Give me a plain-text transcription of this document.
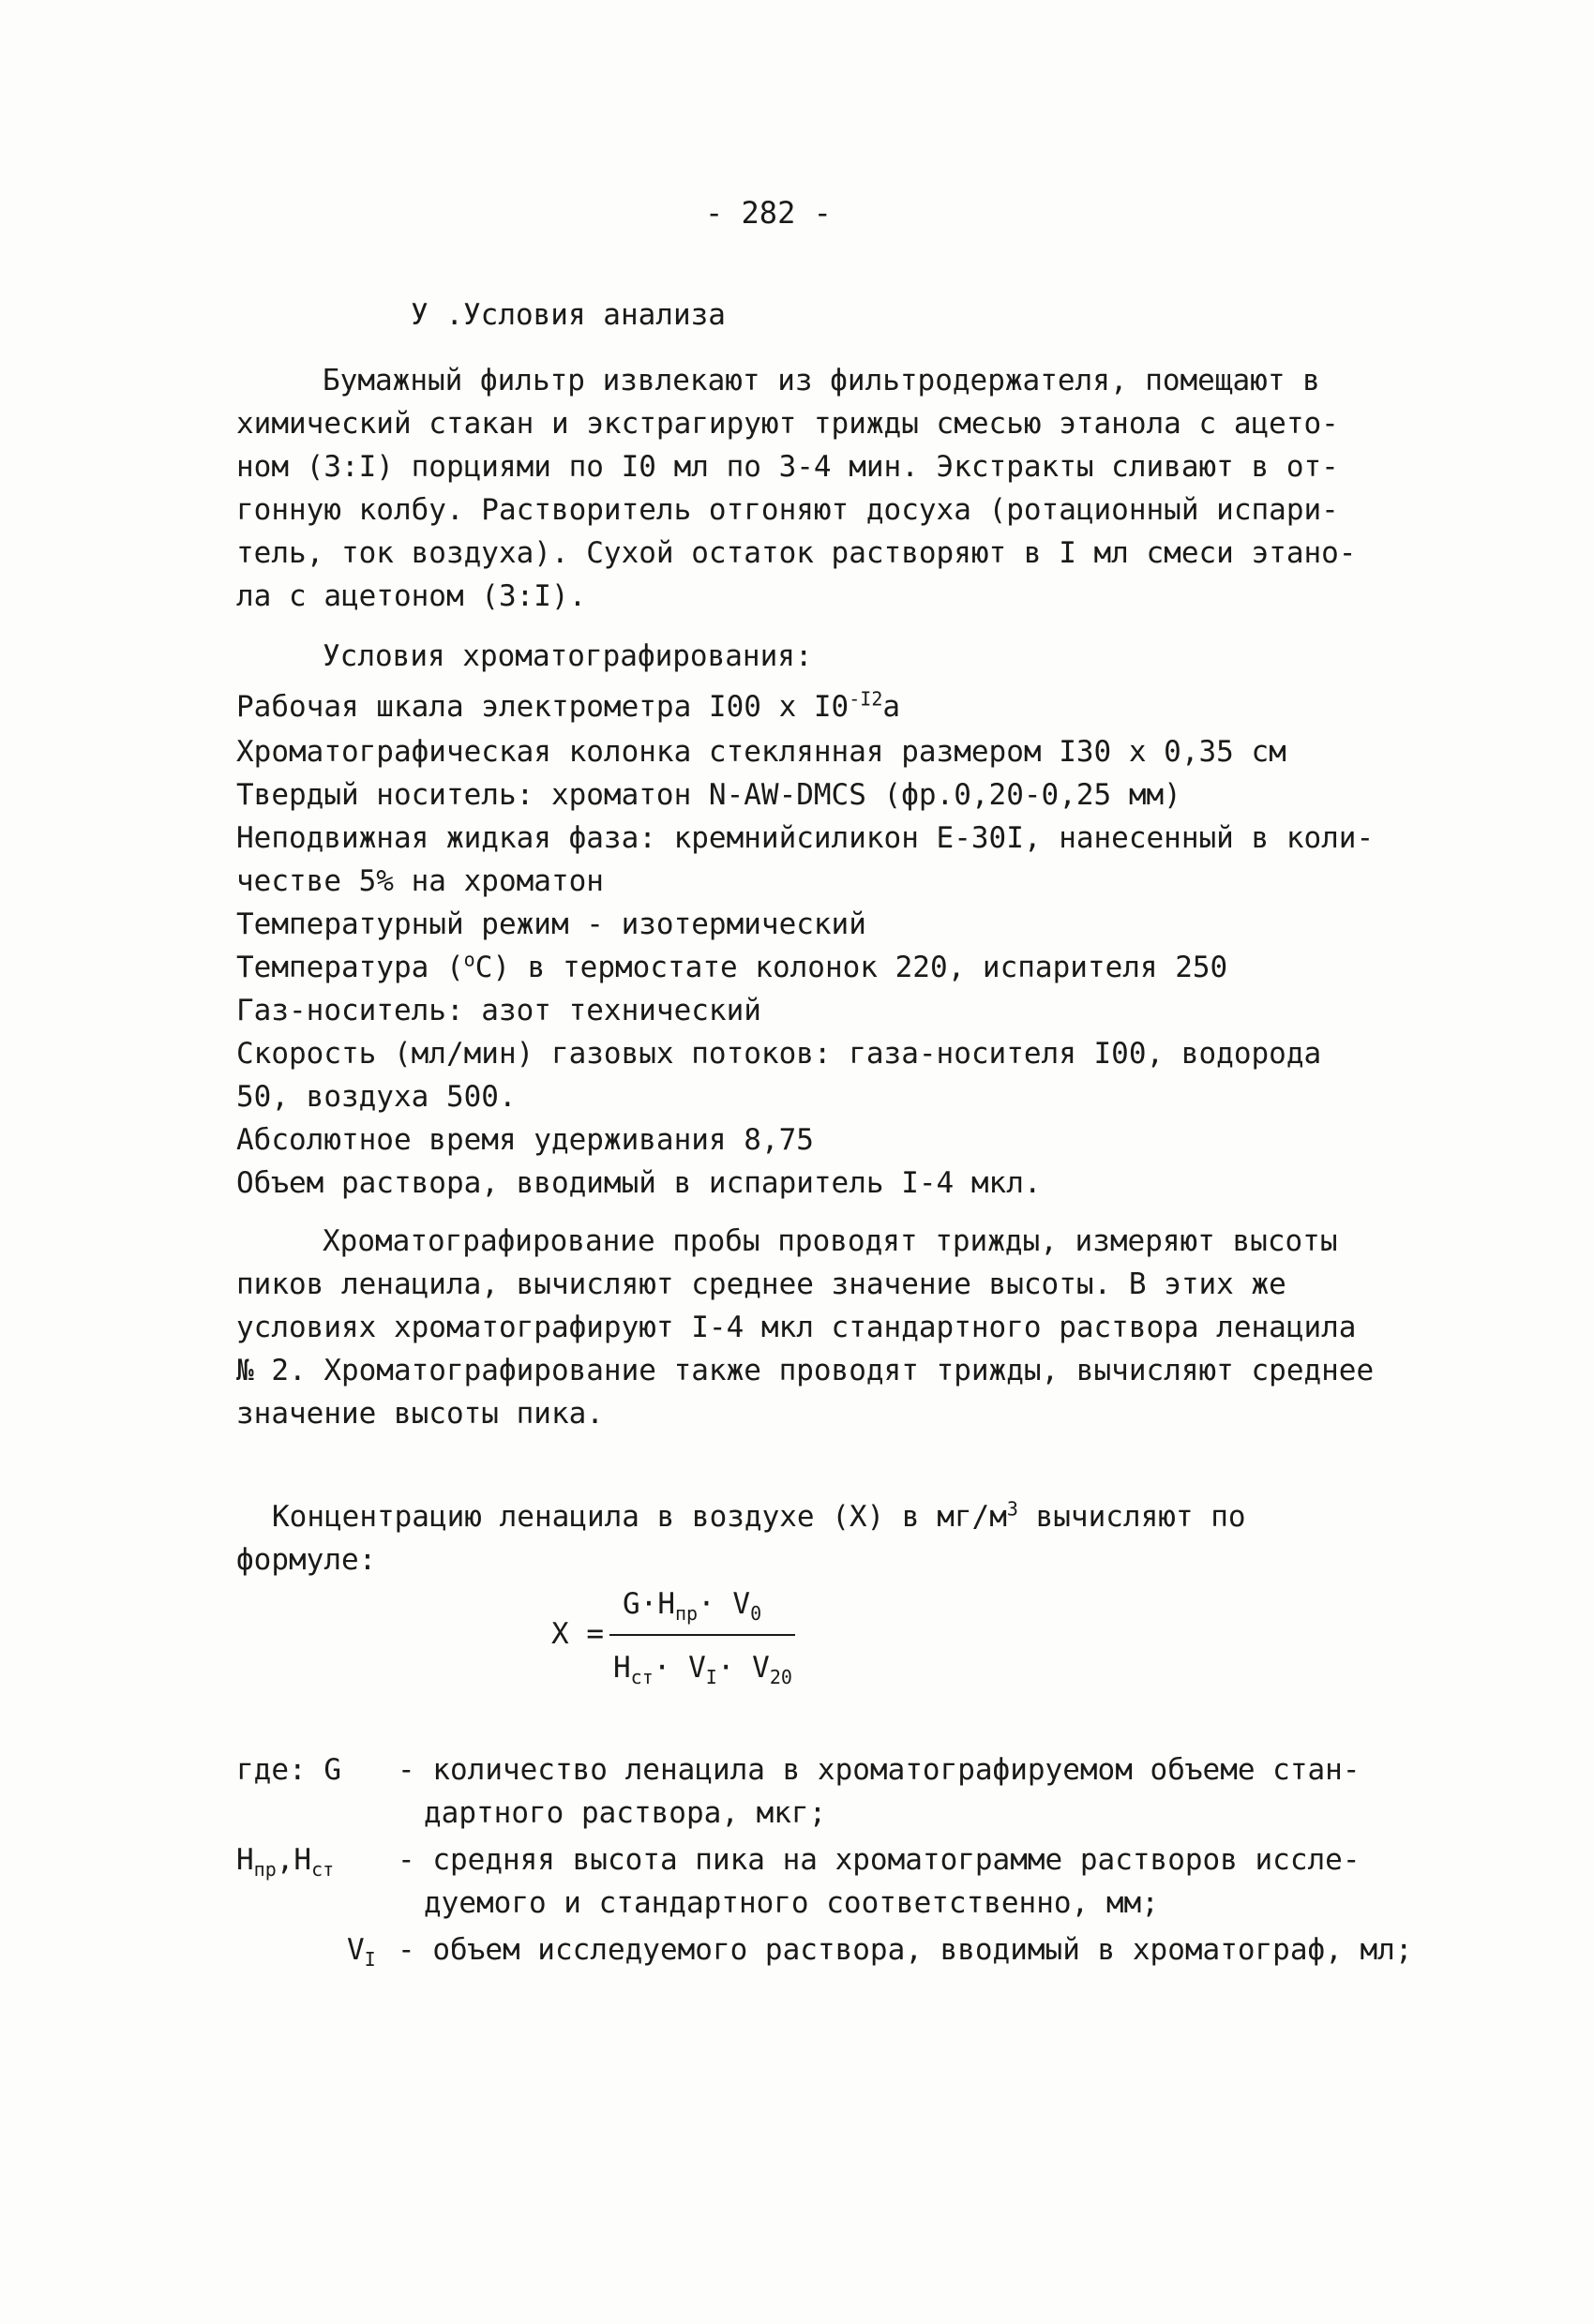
- 282 -
У .Условия анализа
Бумажный фильтр извлекают из фильтродержателя, помещают в
химический стакан и экстрагируют трижды смесью этанола с ацето-
ном (3:I) порциями по I0 мл по 3-4 мин. Экстракты сливают в от-
гонную колбу. Растворитель отгоняют досуха (ротационный испари-
тель, ток воздуха). Сухой остаток растворяют в I мл смеси этано-
ла с ацетоном (3:I).
Условия хроматографирования:
Рабочая шкала электрометра I00 х $I0^{-I2}а$
Хроматографическая колонка стеклянная размером I30 х 0,35 см
Твердый носитель: хроматон N-AW-DMCS (фр.0,20-0,25 мм)
Неподвижная жидкая фаза: кремнийсиликон E-30I, нанесенный в коли-
честве 5% на хроматон
Температурный режим - изотермический
Температура ($^о$С) в термостате колонок 220, испарителя 250
Газ-носитель: азот технический
Скорость (мл/мин) газовых потоков: газа-носителя I00, водорода
50, воздуха 500.
Абсолютное время удерживания 8,75
Объем раствора, вводимый в испаритель I-4 мкл.
Хроматографирование пробы проводят трижды, измеряют высоты
пиков ленацила, вычисляют среднее значение высоты. В этих же
условиях хроматографируют I-4 мкл стандартного раствора ленацила
№ 2. Хроматографирование также проводят трижды, вычисляют среднее
значение высоты пика.
Концентрацию ленацила в воздухе (Х) в $мг/м^3$ вычисляют по
формуле:
Х =
$G\cdot H_{пр}\cdot V_0$
$H_{ст}\cdot V_I\cdot V_{20}$
где: G - количество ленацила в хроматографируемом объеме стан-
дартного раствора, мкг;
$H_{пр},H_{ст}$ - средняя высота пика на хроматограмме растворов иссле-
дуемого и стандартного соответственно, мм;
$V_I$ - объем исследуемого раствора, вводимый в хроматограф, мл;
